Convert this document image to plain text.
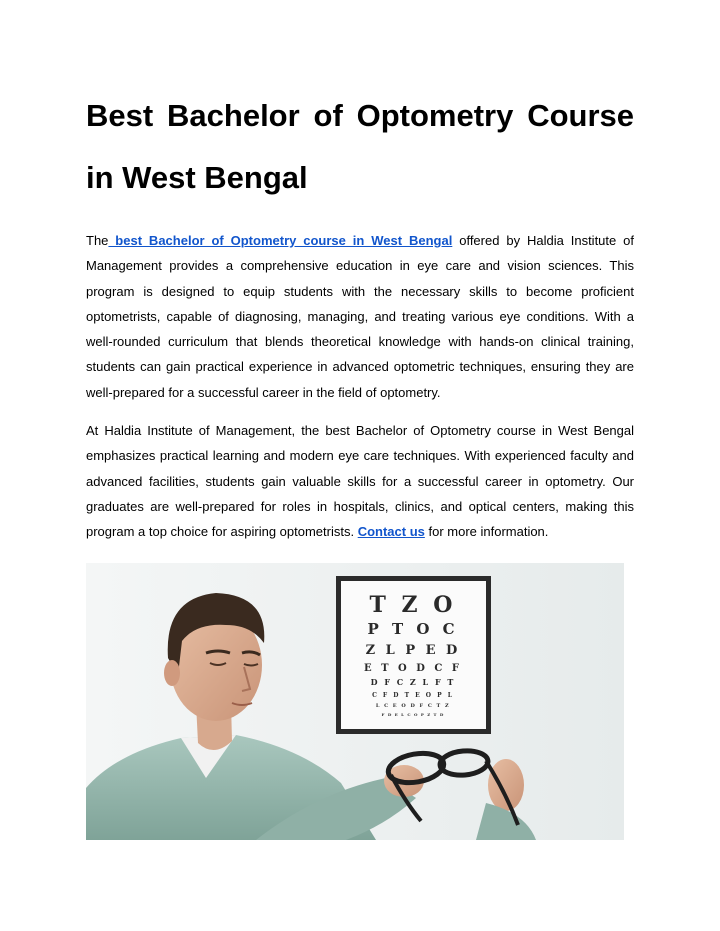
Best Bachelor of Optometry Course
in West Bengal

The best Bachelor of Optometry course in West Bengal offered by Haldia Institute of Management provides a comprehensive education in eye care and vision sciences. This program is designed to equip students with the necessary skills to become proficient optometrists, capable of diagnosing, managing, and treating various eye conditions. With a well-rounded curriculum that blends theoretical knowledge with hands-on clinical training, students can gain practical experience in advanced optometric techniques, ensuring they are well-prepared for a successful career in the field of optometry.

At Haldia Institute of Management, the best Bachelor of Optometry course in West Bengal emphasizes practical learning and modern eye care techniques. With experienced faculty and advanced facilities, students gain valuable skills for a successful career in optometry. Our graduates are well-prepared for roles in hospitals, clinics, and optical centers, making this program a top choice for aspiring optometrists. Contact us for more information.

T Z O
P T O C
Z L P E D
E T O D C F
D F C Z L F T
C F D T E O P L
L C E O D F C T Z
F D E L C O P Z T D
